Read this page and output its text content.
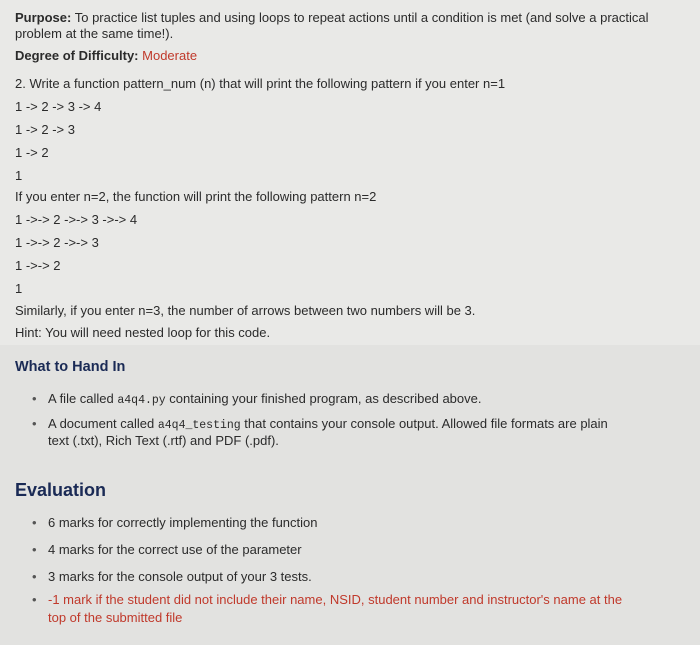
Purpose: To practice list tuples and using loops to repeat actions until a condition is met (and solve a practical problem at the same time!).
Degree of Difficulty: Moderate
2. Write a function pattern_num (n) that will print the following pattern if you enter n=1
1 -> 2 -> 3 -> 4
1 -> 2 -> 3
1 -> 2
1
If you enter n=2, the function will print the following pattern n=2
1 ->-> 2 ->-> 3 ->-> 4
1 ->-> 2 ->-> 3
1 ->-> 2
1
Similarly, if you enter n=3, the number of arrows between two numbers will be 3.
Hint: You will need nested loop for this code.
What to Hand In
• A file called a4q4.py containing your finished program, as described above.
• A document called a4q4_testing that contains your console output. Allowed file formats are plain
text (.txt), Rich Text (.rtf) and PDF (.pdf).
Evaluation
• 6 marks for correctly implementing the function
• 4 marks for the correct use of the parameter
• 3 marks for the console output of your 3 tests.
• -1 mark if the student did not include their name, NSID, student number and instructor's name at the
top of the submitted file
